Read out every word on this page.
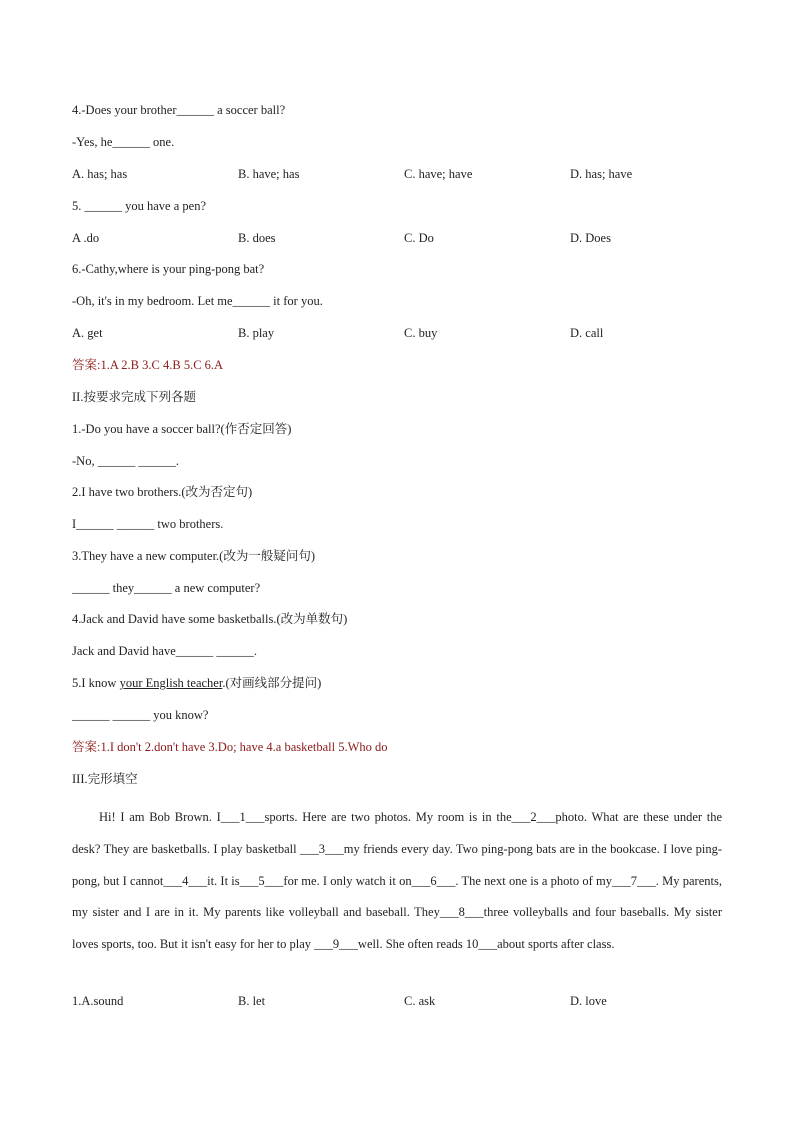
4.-Does your brother______ a soccer ball?
-Yes, he______ one.
A. has; has	B. have; has	C. have; have	D. has; have
5. ______ you have a pen?
A .do	B. does	C. Do	D. Does
6.-Cathy,where is your ping-pong bat?
-Oh, it's in my bedroom. Let me______ it for you.
A. get	B. play	C. buy	D. call
答案:1.A 2.B 3.C 4.B 5.C 6.A
II.按要求完成下列各题
1.-Do you have a soccer ball?(作否定回答)
-No, ______ ______.
2.I have two brothers.(改为否定句)
I______ ______ two brothers.
3.They have a new computer.(改为一般疑问句)
______ they______ a new computer?
4.Jack and David have some basketballs.(改为单数句)
Jack and David have______ ______.
5.I know your English teacher.(对画线部分提问)
______ ______ you know?
答案:1.I don't 2.don't have 3.Do; have 4.a basketball 5.Who do
III.完形填空
Hi! I am Bob Brown. I___1___sports. Here are two photos. My room is in the___2___photo. What are these under the desk? They are basketballs. I play basketball ___3___my friends every day. Two ping-pong bats are in the bookcase. I love ping-pong, but I cannot___4___it. It is___5___for me. I only watch it on___6___. The next one is a photo of my___7___. My parents, my sister and I are in it. My parents like volleyball and baseball. They___8___three volleyballs and four baseballs. My sister loves sports, too. But it isn't easy for her to play ___9___well. She often reads 10___about sports after class.
1.A.sound	B. let	C. ask	D. love
